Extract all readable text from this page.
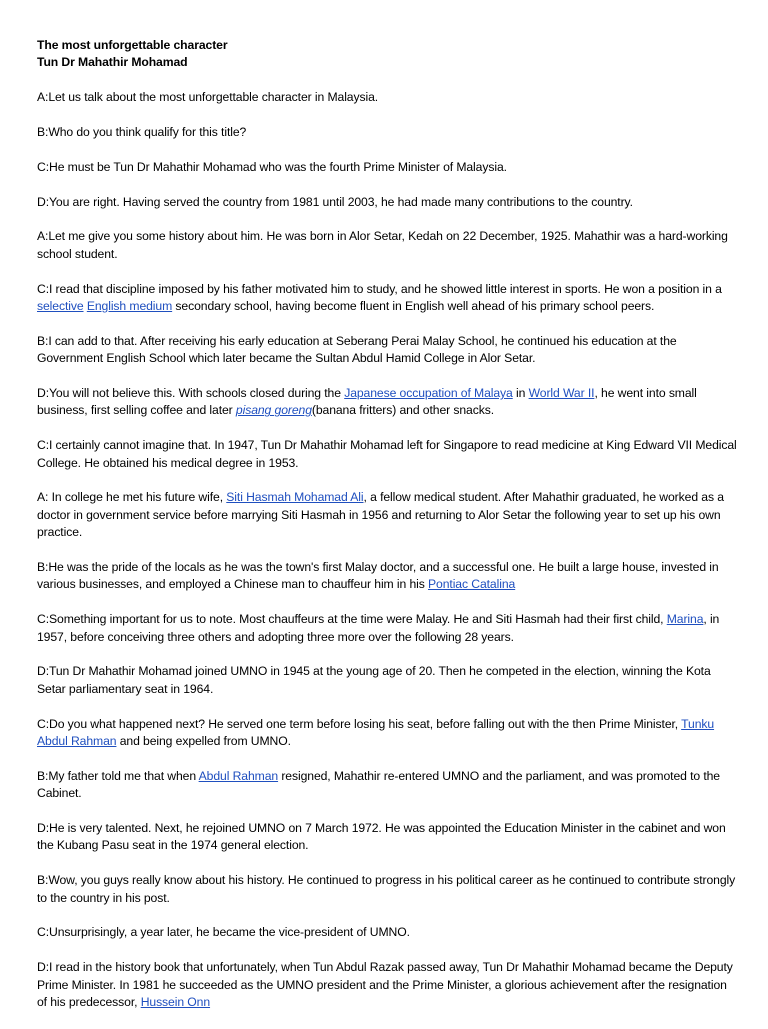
The most unforgettable character

Tun Dr Mahathir Mohamad

A:Let us talk about the most unforgettable character in Malaysia.

B:Who do you think qualify for this title?

C:He must be Tun Dr Mahathir Mohamad who was the fourth Prime Minister of Malaysia.

D:You are right. Having served the country from 1981 until 2003, he had made many contributions to the country.

A:Let me give you some history about him. He was born in Alor Setar, Kedah on 22 December, 1925. Mahathir was a hard-working school student.

C:I read that discipline imposed by his father motivated him to study, and he showed little interest in sports. He won a position in a selective English medium secondary school, having become fluent in English well ahead of his primary school peers.

B:I can add to that. After receiving his early education at Seberang Perai Malay School, he continued his education at the Government English School which later became the Sultan Abdul Hamid College in Alor Setar.

D:You will not believe this. With schools closed during the Japanese occupation of Malaya in World War II, he went into small business, first selling coffee and later pisang goreng(banana fritters) and other snacks.

C:I certainly cannot imagine that. In 1947, Tun Dr Mahathir Mohamad left for Singapore to read medicine at King Edward VII Medical College. He obtained his medical degree in 1953.

A: In college he met his future wife, Siti Hasmah Mohamad Ali, a fellow medical student. After Mahathir graduated, he worked as a doctor in government service before marrying Siti Hasmah in 1956 and returning to Alor Setar the following year to set up his own practice.

B:He was the pride of the locals as he was the town's first Malay doctor, and a successful one. He built a large house, invested in various businesses, and employed a Chinese man to chauffeur him in his Pontiac Catalina

C:Something important for us to note. Most chauffeurs at the time were Malay. He and Siti Hasmah had their first child, Marina, in 1957, before conceiving three others and adopting three more over the following 28 years.

D:Tun Dr Mahathir Mohamad joined UMNO in 1945 at the young age of 20. Then he competed in the election, winning the Kota Setar parliamentary seat in 1964.

C:Do you what happened next? He served one term before losing his seat, before falling out with the then Prime Minister, Tunku Abdul Rahman and being expelled from UMNO.

B:My father told me that when Abdul Rahman resigned, Mahathir re-entered UMNO and the parliament, and was promoted to the Cabinet.

D:He is very talented. Next, he rejoined UMNO on 7 March 1972. He was appointed the Education Minister in the cabinet and won the Kubang Pasu seat in the 1974 general election.

B:Wow, you guys really know about his history. He continued to progress in his political career as he continued to contribute strongly to the country in his post.

C:Unsurprisingly, a year later, he became the vice-president of UMNO.

D:I read in the history book that unfortunately, when Tun Abdul Razak passed away, Tun Dr Mahathir Mohamad became the Deputy Prime Minister. In 1981 he succeeded as the UMNO president and the Prime Minister, a glorious achievement after the resignation of his predecessor, Hussein Onn
